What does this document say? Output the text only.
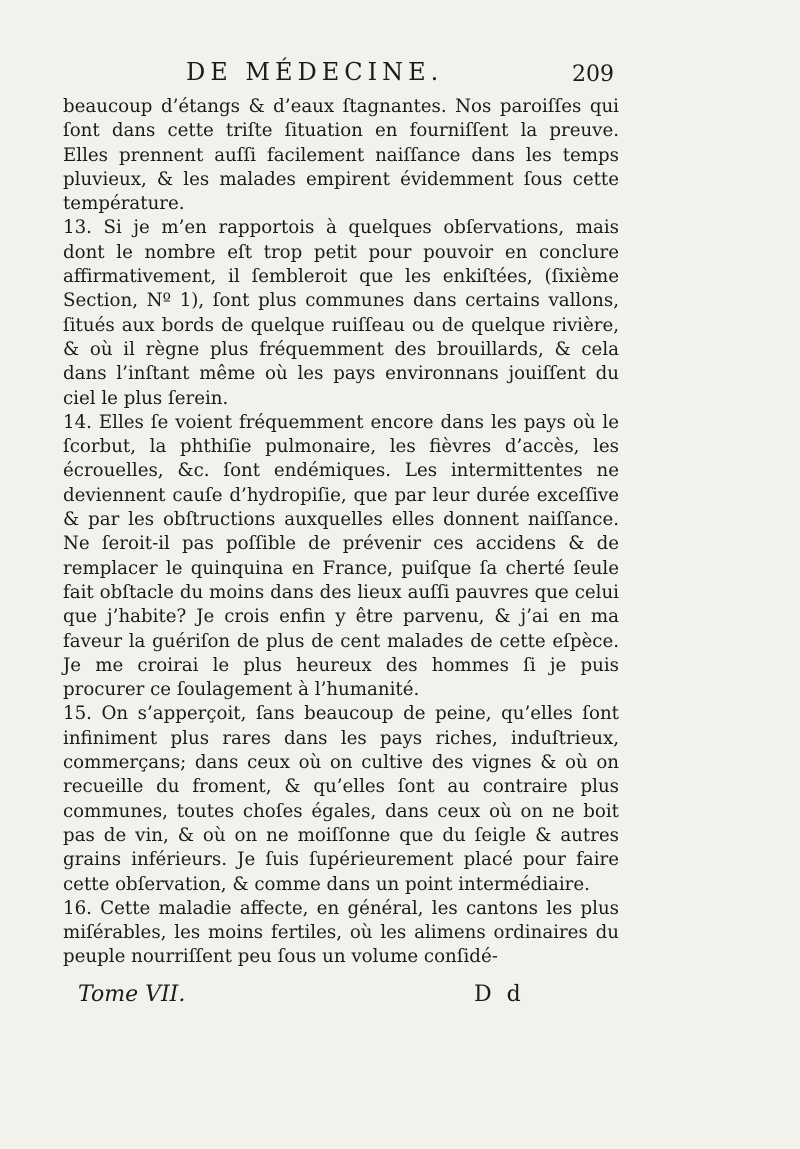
DE MÉDECINE.	209

beaucoup d’étangs & d’eaux ſtagnantes. Nos paroiſſes qui ſont dans cette triſte ſituation en fourniſſent la preuve. Elles prennent auſſi facilement naiſſance dans les temps pluvieux, & les malades empirent évidemment ſous cette température.

13. Si je m’en rapportois à quelques obſervations, mais dont le nombre eſt trop petit pour pouvoir en conclure affirmativement, il ſembleroit que les enkiſtées, (ſixième Section, Nº 1), ſont plus communes dans certains vallons, ſitués aux bords de quelque ruiſſeau ou de quelque rivière, & où il règne plus fréquemment des brouillards, & cela dans l’inſtant même où les pays environnans jouiſſent du ciel le plus ſerein.

14. Elles ſe voient fréquemment encore dans les pays où le ſcorbut, la phthiſie pulmonaire, les fièvres d’accès, les écrouelles, &c. ſont endémiques. Les intermittentes ne deviennent cauſe d’hydropiſie, que par leur durée exceſſive & par les obſtructions auxquelles elles donnent naiſſance. Ne ſeroit-il pas poſſible de prévenir ces accidens & de remplacer le quinquina en France, puiſque ſa cherté ſeule fait obſtacle du moins dans des lieux auſſi pauvres que celui que j’habite? Je crois enfin y être parvenu, & j’ai en ma faveur la guériſon de plus de cent malades de cette eſpèce. Je me croirai le plus heureux des hommes ſi je puis procurer ce ſoulagement à l’humanité.

15. On s’apperçoit, ſans beaucoup de peine, qu’elles ſont infiniment plus rares dans les pays riches, induſtrieux, commerçans; dans ceux où on cultive des vignes & où on recueille du froment, & qu’elles ſont au contraire plus communes, toutes choſes égales, dans ceux où on ne boit pas de vin, & où on ne moiſſonne que du ſeigle & autres grains inférieurs. Je ſuis ſupérieurement placé pour faire cette obſervation, & comme dans un point intermédiaire.

16. Cette maladie affecte, en général, les cantons les plus miſérables, les moins fertiles, où les alimens ordinaires du peuple nourriſſent peu ſous un volume conſidé-

Tome VII.	D d
